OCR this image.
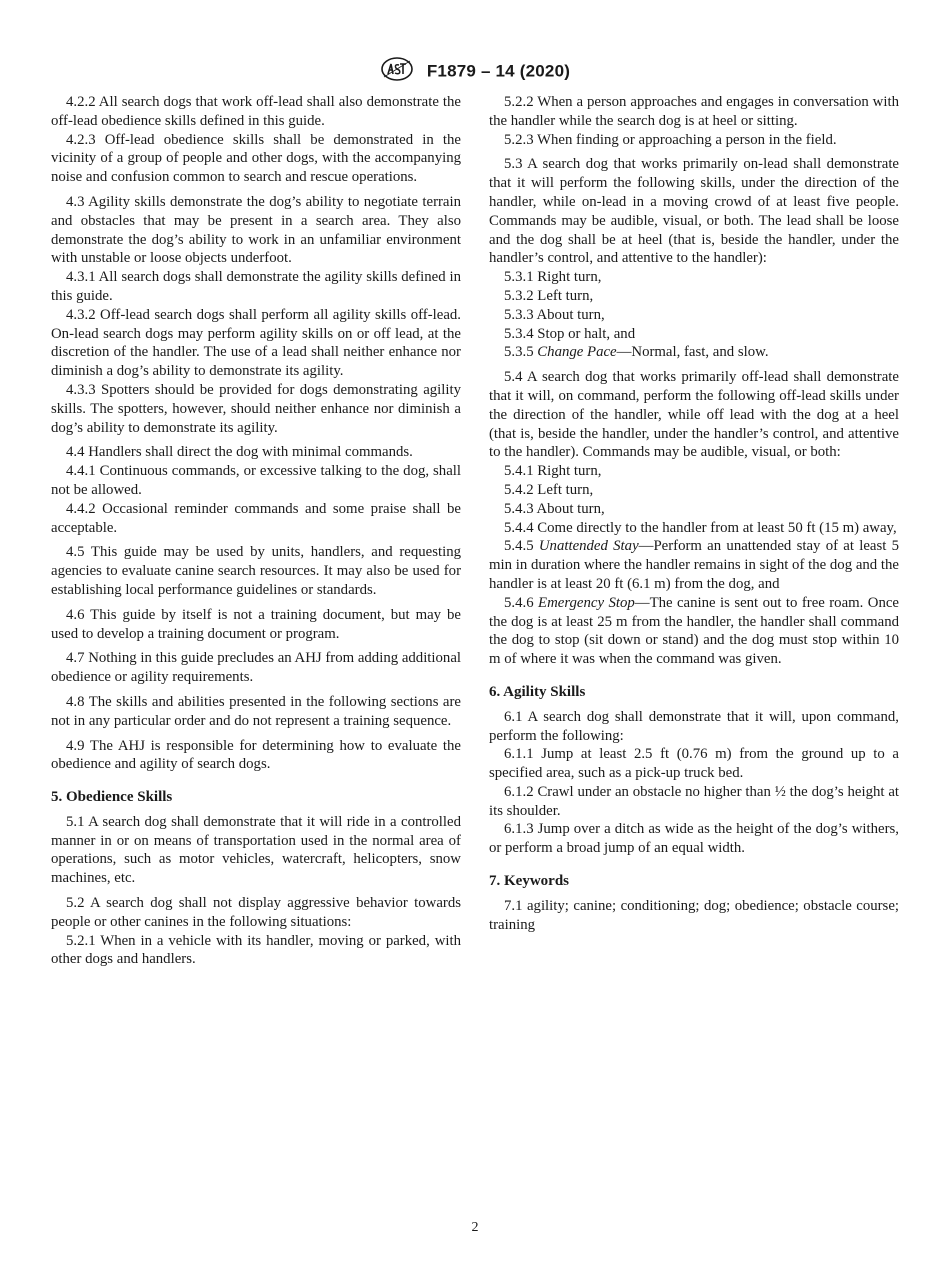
F1879 – 14 (2020)

4.2.2 All search dogs that work off-lead shall also demonstrate the off-lead obedience skills defined in this guide.

4.2.3 Off-lead obedience skills shall be demonstrated in the vicinity of a group of people and other dogs, with the accompanying noise and confusion common to search and rescue operations.

4.3 Agility skills demonstrate the dog’s ability to negotiate terrain and obstacles that may be present in a search area. They also demonstrate the dog’s ability to work in an unfamiliar environment with unstable or loose objects underfoot.

4.3.1 All search dogs shall demonstrate the agility skills defined in this guide.

4.3.2 Off-lead search dogs shall perform all agility skills off-lead. On-lead search dogs may perform agility skills on or off lead, at the discretion of the handler. The use of a lead shall neither enhance nor diminish a dog’s ability to demonstrate its agility.

4.3.3 Spotters should be provided for dogs demonstrating agility skills. The spotters, however, should neither enhance nor diminish a dog’s ability to demonstrate its agility.

4.4 Handlers shall direct the dog with minimal commands.

4.4.1 Continuous commands, or excessive talking to the dog, shall not be allowed.

4.4.2 Occasional reminder commands and some praise shall be acceptable.

4.5 This guide may be used by units, handlers, and requesting agencies to evaluate canine search resources. It may also be used for establishing local performance guidelines or standards.

4.6 This guide by itself is not a training document, but may be used to develop a training document or program.

4.7 Nothing in this guide precludes an AHJ from adding additional obedience or agility requirements.

4.8 The skills and abilities presented in the following sections are not in any particular order and do not represent a training sequence.

4.9 The AHJ is responsible for determining how to evaluate the obedience and agility of search dogs.

5. Obedience Skills

5.1 A search dog shall demonstrate that it will ride in a controlled manner in or on means of transportation used in the normal area of operations, such as motor vehicles, watercraft, helicopters, snow machines, etc.

5.2 A search dog shall not display aggressive behavior towards people or other canines in the following situations:

5.2.1 When in a vehicle with its handler, moving or parked, with other dogs and handlers.

5.2.2 When a person approaches and engages in conversation with the handler while the search dog is at heel or sitting.

5.2.3 When finding or approaching a person in the field.

5.3 A search dog that works primarily on-lead shall demonstrate that it will perform the following skills, under the direction of the handler, while on-lead in a moving crowd of at least five people. Commands may be audible, visual, or both. The lead shall be loose and the dog shall be at heel (that is, beside the handler, under the handler’s control, and attentive to the handler):

5.3.1 Right turn,

5.3.2 Left turn,

5.3.3 About turn,

5.3.4 Stop or halt, and

5.3.5 Change Pace—Normal, fast, and slow.

5.4 A search dog that works primarily off-lead shall demonstrate that it will, on command, perform the following off-lead skills under the direction of the handler, while off lead with the dog at a heel (that is, beside the handler, under the handler’s control, and attentive to the handler). Commands may be audible, visual, or both:

5.4.1 Right turn,

5.4.2 Left turn,

5.4.3 About turn,

5.4.4 Come directly to the handler from at least 50 ft (15 m) away,

5.4.5 Unattended Stay—Perform an unattended stay of at least 5 min in duration where the handler remains in sight of the dog and the handler is at least 20 ft (6.1 m) from the dog, and

5.4.6 Emergency Stop—The canine is sent out to free roam. Once the dog is at least 25 m from the handler, the handler shall command the dog to stop (sit down or stand) and the dog must stop within 10 m of where it was when the command was given.

6. Agility Skills

6.1 A search dog shall demonstrate that it will, upon command, perform the following:

6.1.1 Jump at least 2.5 ft (0.76 m) from the ground up to a specified area, such as a pick-up truck bed.

6.1.2 Crawl under an obstacle no higher than ½ the dog’s height at its shoulder.

6.1.3 Jump over a ditch as wide as the height of the dog’s withers, or perform a broad jump of an equal width.

7. Keywords

7.1 agility; canine; conditioning; dog; obedience; obstacle course; training

2
